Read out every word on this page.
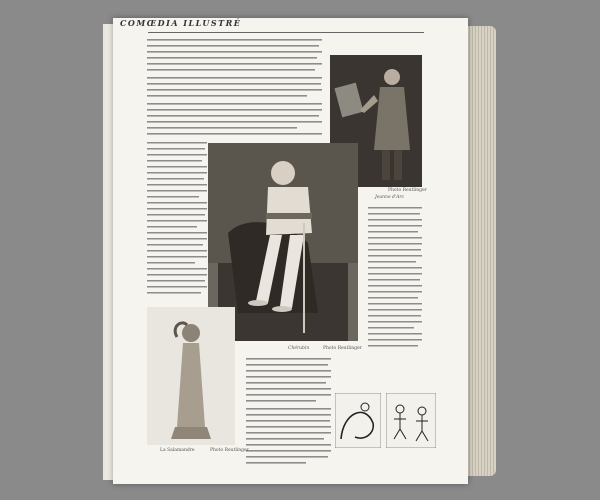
COMŒDIA ILLUSTRÉ
Photo Reutlinger
Jeanne d'Arc
Chérubin	Photo Reutlinger
La Salamandre	Photo Reutlinger
